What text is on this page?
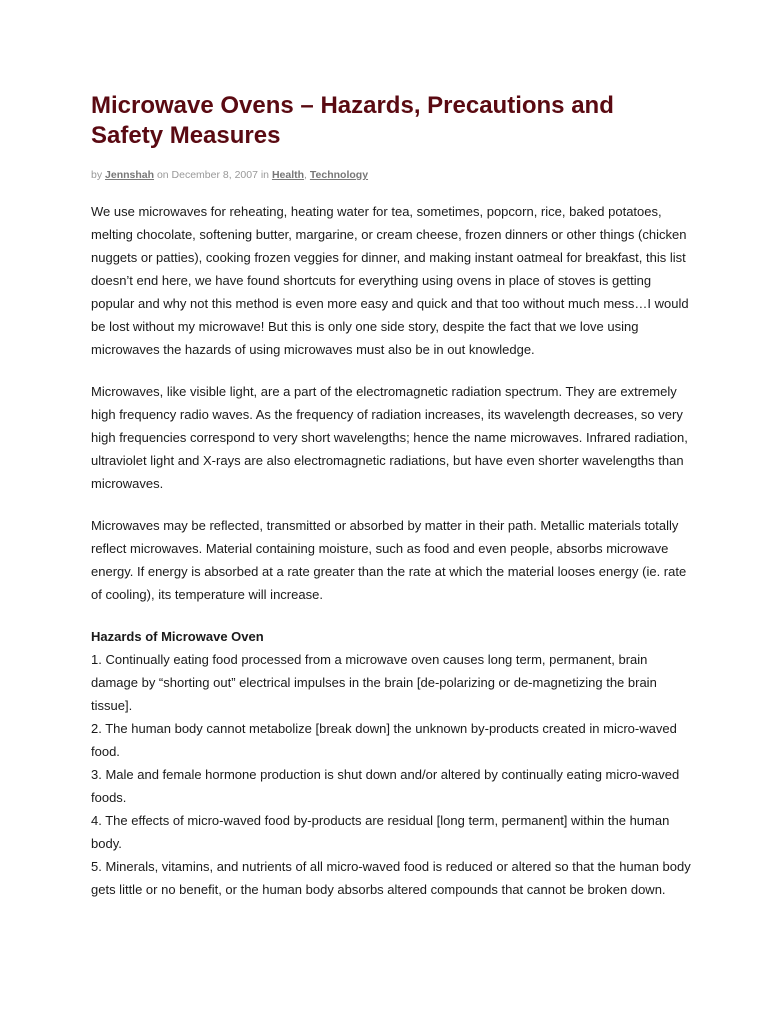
Microwave Ovens – Hazards, Precautions and Safety Measures
by Jennshah on December 8, 2007 in Health, Technology

We use microwaves for reheating, heating water for tea, sometimes, popcorn, rice, baked potatoes, melting chocolate, softening butter, margarine, or cream cheese, frozen dinners or other things (chicken nuggets or patties), cooking frozen veggies for dinner, and making instant oatmeal for breakfast, this list doesn’t end here, we have found shortcuts for everything using ovens in place of stoves is getting popular and why not this method is even more easy and quick and that too without much mess…I would be lost without my microwave! But this is only one side story, despite the fact that we love using microwaves the hazards of using microwaves must also be in out knowledge.

Microwaves, like visible light, are a part of the electromagnetic radiation spectrum. They are extremely high frequency radio waves. As the frequency of radiation increases, its wavelength decreases, so very high frequencies correspond to very short wavelengths; hence the name microwaves. Infrared radiation, ultraviolet light and X-rays are also electromagnetic radiations, but have even shorter wavelengths than microwaves.

Microwaves may be reflected, transmitted or absorbed by matter in their path. Metallic materials totally reflect microwaves. Material containing moisture, such as food and even people, absorbs microwave energy. If energy is absorbed at a rate greater than the rate at which the material looses energy (ie. rate of cooling), its temperature will increase.

Hazards of Microwave Oven
1. Continually eating food processed from a microwave oven causes long term, permanent, brain damage by “shorting out” electrical impulses in the brain [de-polarizing or de-magnetizing the brain tissue].
2. The human body cannot metabolize [break down] the unknown by-products created in micro-waved food.
3. Male and female hormone production is shut down and/or altered by continually eating micro-waved foods.
4. The effects of micro-waved food by-products are residual [long term, permanent] within the human body.
5. Minerals, vitamins, and nutrients of all micro-waved food is reduced or altered so that the human body gets little or no benefit, or the human body absorbs altered compounds that cannot be broken down.
